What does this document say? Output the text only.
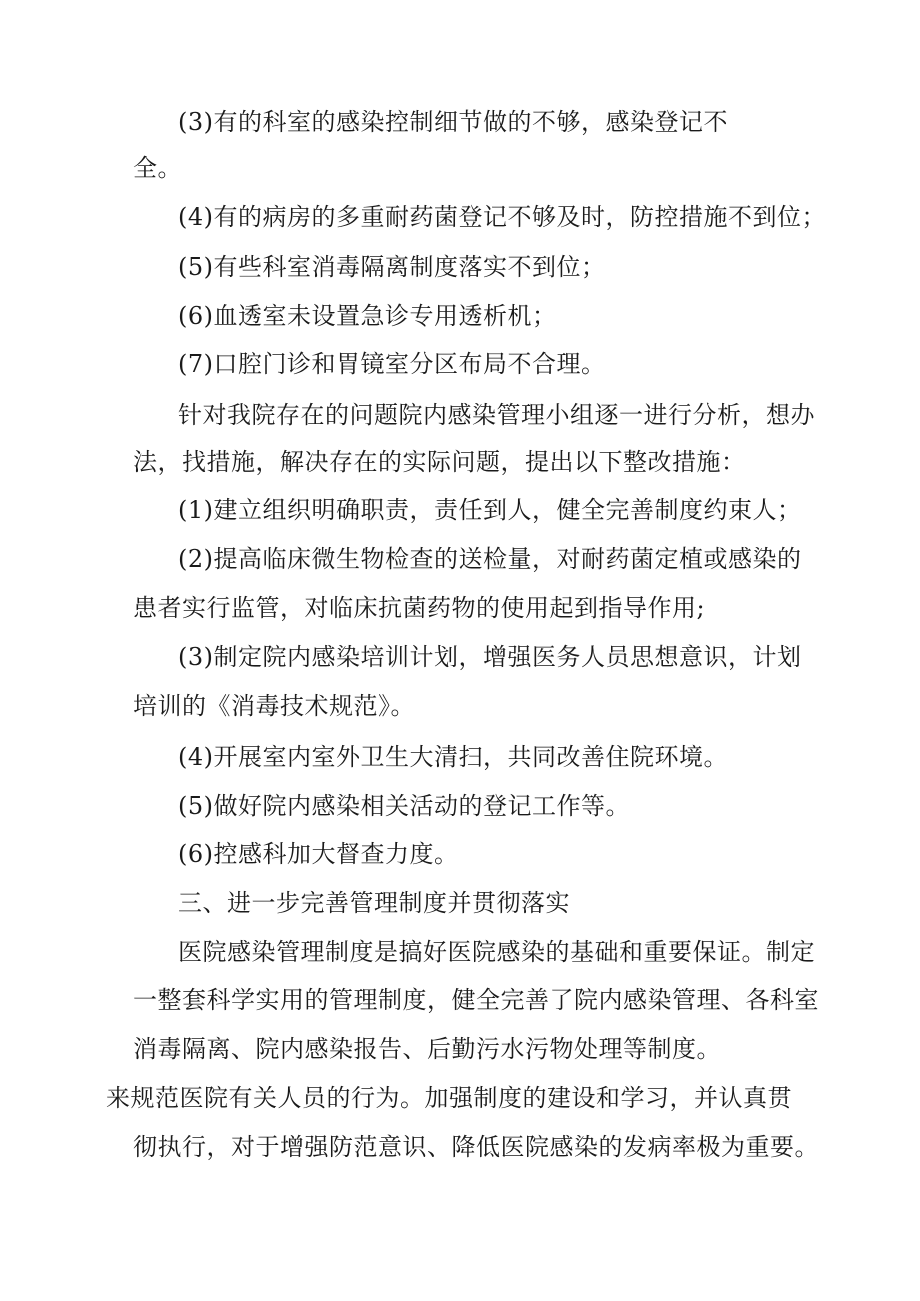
(3)有的科室的感染控制细节做的不够，感染登记不
全。
(4)有的病房的多重耐药菌登记不够及时，防控措施不到位；
(5)有些科室消毒隔离制度落实不到位；
(6)血透室未设置急诊专用透析机；
(7)口腔门诊和胃镜室分区布局不合理。
针对我院存在的问题院内感染管理小组逐一进行分析，想办
法，找措施，解决存在的实际问题，提出以下整改措施：
(1)建立组织明确职责，责任到人，健全完善制度约束人；
(2)提高临床微生物检查的送检量，对耐药菌定植或感染的
患者实行监管，对临床抗菌药物的使用起到指导作用;
(3)制定院内感染培训计划，增强医务人员思想意识，计划
培训的《消毒技术规范》。
(4)开展室内室外卫生大清扫，共同改善住院环境。
(5)做好院内感染相关活动的登记工作等。
(6)控感科加大督查力度。
三、进一步完善管理制度并贯彻落实
医院感染管理制度是搞好医院感染的基础和重要保证。制定
一整套科学实用的管理制度，健全完善了院内感染管理、各科室
消毒隔离、院内感染报告、后勤污水污物处理等制度。
来规范医院有关人员的行为。加强制度的建设和学习，并认真贯
彻执行，对于增强防范意识、降低医院感染的发病率极为重要。
